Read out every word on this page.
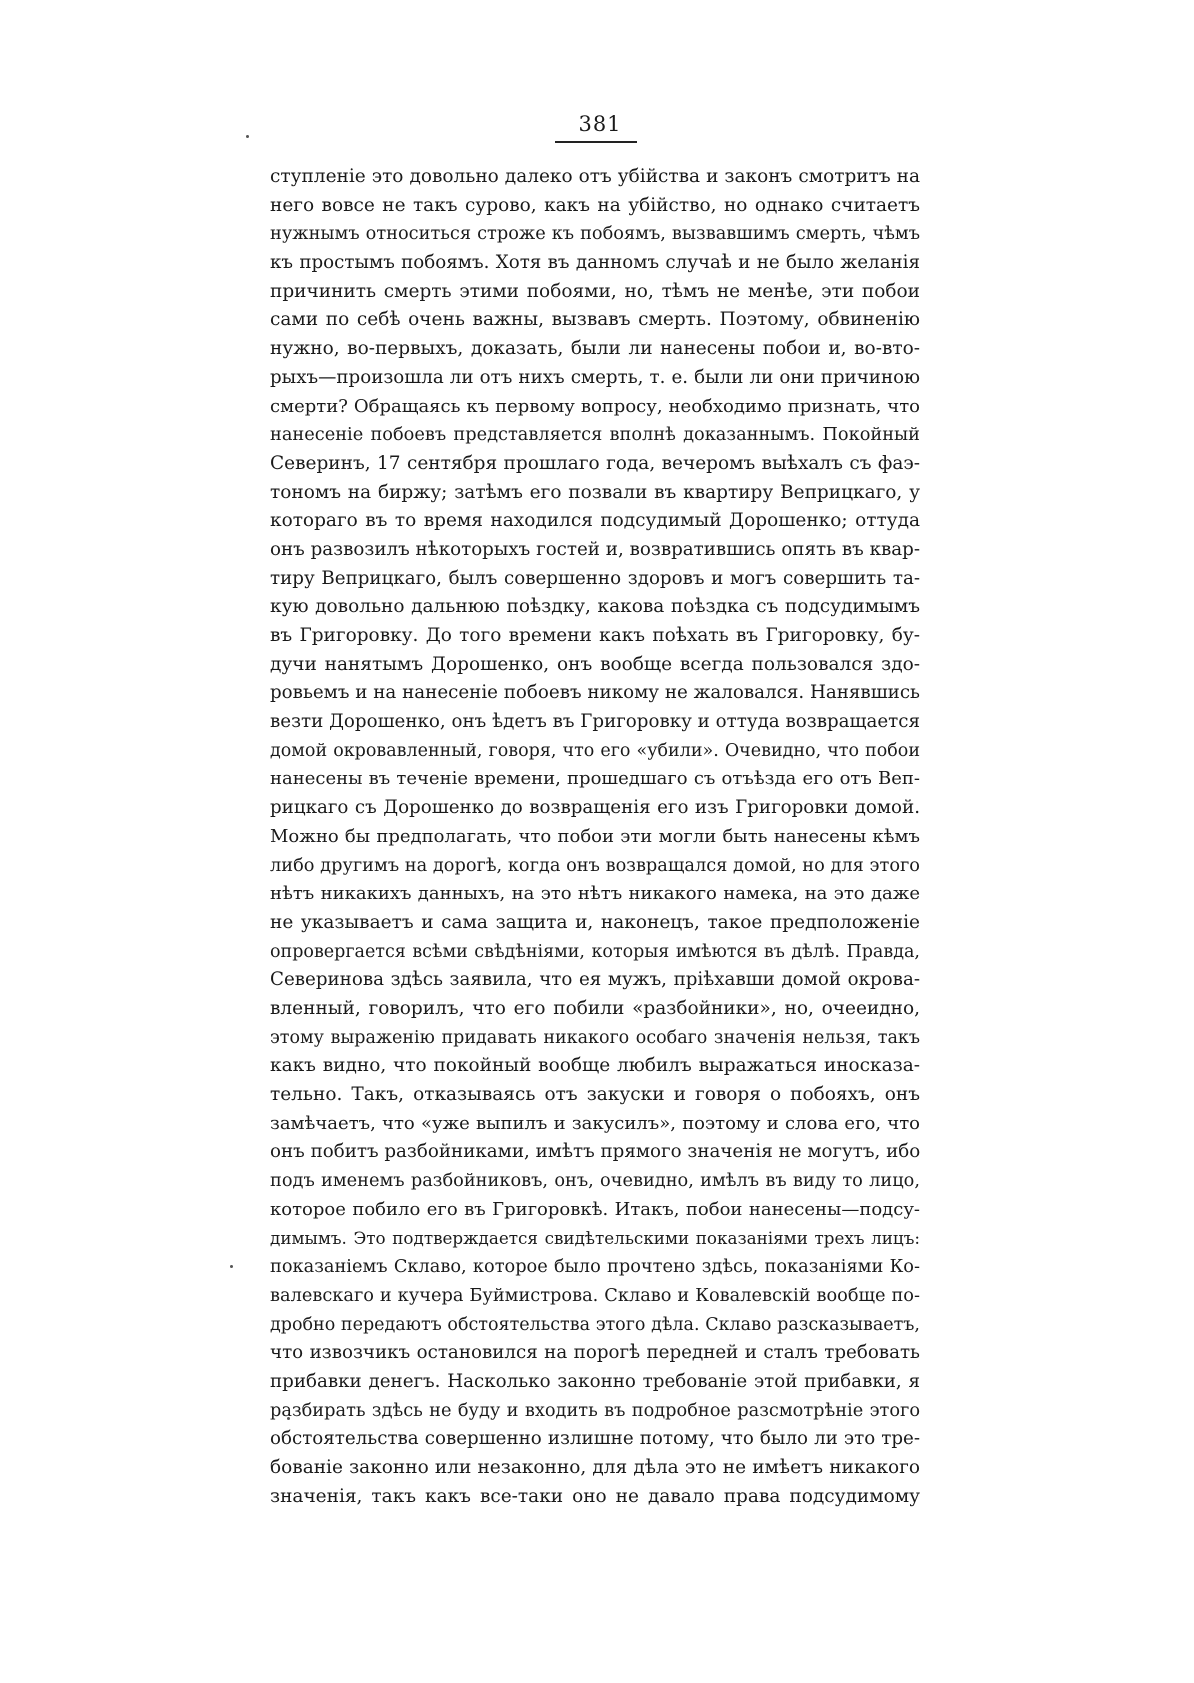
381
ступленіе это довольно далеко отъ убійства и законъ смотритъ на
него вовсе не такъ сурово, какъ на убійство, но однако считаетъ
нужнымъ относиться строже къ побоямъ, вызвавшимъ смерть, чѣмъ
къ простымъ побоямъ. Хотя въ данномъ случаѣ и не было желанія
причинить смерть этими побоями, но, тѣмъ не менѣе, эти побои
сами по себѣ очень важны, вызвавъ смерть. Поэтому, обвиненію
нужно, во-первыхъ, доказать, были ли нанесены побои и, во-вто-
рыхъ—произошла ли отъ нихъ смерть, т. е. были ли они причиною
смерти? Обращаясь къ первому вопросу, необходимо признать, что
нанесеніе побоевъ представляется вполнѣ доказаннымъ. Покойный
Северинъ, 17 сентября прошлаго года, вечеромъ выѣхалъ съ фаэ-
тономъ на биржу; затѣмъ его позвали въ квартиру Веприцкаго, у
котораго въ то время находился подсудимый Дорошенко; оттуда
онъ развозилъ нѣкоторыхъ гостей и, возвратившись опять въ квар-
тиру Веприцкаго, былъ совершенно здоровъ и могъ совершить та-
кую довольно дальнюю поѣздку, какова поѣздка съ подсудимымъ
въ Григоровку. До того времени какъ поѣхать въ Григоровку, бу-
дучи нанятымъ Дорошенко, онъ вообще всегда пользовался здо-
ровьемъ и на нанесеніе побоевъ никому не жаловался. Нанявшись
везти Дорошенко, онъ ѣдетъ въ Григоровку и оттуда возвращается
домой окровавленный, говоря, что его «убили». Очевидно, что побои
нанесены въ теченіе времени, прошедшаго съ отъѣзда его отъ Веп-
рицкаго съ Дорошенко до возвращенія его изъ Григоровки домой.
Можно бы предполагать, что побои эти могли быть нанесены кѣмъ
либо другимъ на дорогѣ, когда онъ возвращался домой, но для этого
нѣтъ никакихъ данныхъ, на это нѣтъ никакого намека, на это даже
не указываетъ и сама защита и, наконецъ, такое предположеніе
опровергается всѣми свѣдѣніями, которыя имѣются въ дѣлѣ. Правда,
Северинова здѣсь заявила, что ея мужъ, пріѣхавши домой окрова-
вленный, говорилъ, что его побили «разбойники», но, очееидно,
этому выраженію придавать никакого особаго значенія нельзя, такъ
какъ видно, что покойный вообще любилъ выражаться иносказа-
тельно. Такъ, отказываясь отъ закуски и говоря о побояхъ, онъ
замѣчаетъ, что «уже выпилъ и закусилъ», поэтому и слова его, что
онъ побитъ разбойниками, имѣтъ прямого значенія не могутъ, ибо
подъ именемъ разбойниковъ, онъ, очевидно, имѣлъ въ виду то лицо,
которое побило его въ Григоровкѣ. Итакъ, побои нанесены—подсу-
димымъ. Это подтверждается свидѣтельскими показаніями трехъ лицъ:
показаніемъ Склаво, которое было прочтено здѣсь, показаніями Ко-
валевскаго и кучера Буймистрова. Склаво и Ковалевскій вообще по-
дробно передаютъ обстоятельства этого дѣла. Склаво разсказываетъ,
что извозчикъ остановился на порогѣ передней и сталъ требовать
прибавки денегъ. Насколько законно требованіе этой прибавки, я
разбирать здѣсь не буду и входить въ подробное разсмотрѣніе этого
обстоятельства совершенно излишне потому, что было ли это тре-
бованіе законно или незаконно, для дѣла это не имѣетъ никакого
значенія, такъ какъ все-таки оно не давало права подсудимому
